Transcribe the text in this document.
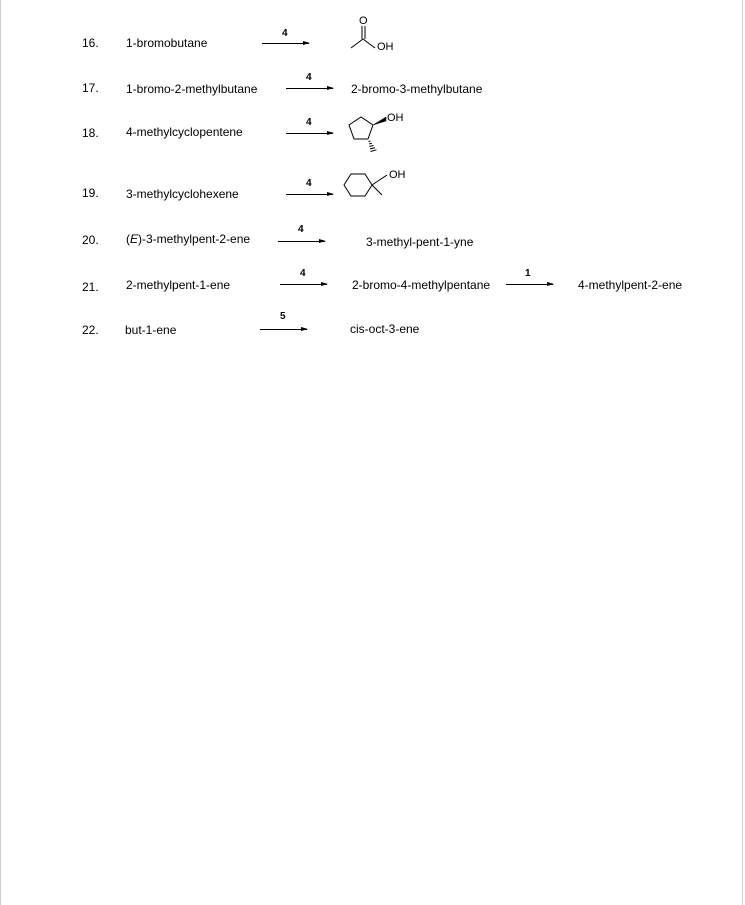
16. 1-bromobutane
4
O
OH
17. 1-bromo-2-methylbutane
4
→ 2-bromo-3-methylbutane
18. 4-methylcyclopentene
4	OH
19. 3-methylcyclohexene
4
OH
20. (E)-3-methylpent-2-ene
4
3-methyl-pent-1-yne
21. 2-methylpent-1-ene
4
2-bromo-4-methylpentane
1
4-methylpent-2-ene
22. but-1-ene
5
cis-oct-3-ene
